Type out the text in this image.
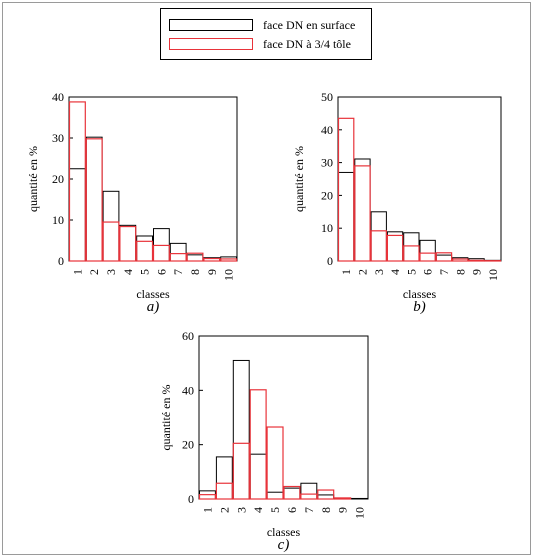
face DN en surface
face DN à 3/4 tôle
0
10
20
30
40
1 2 3 4 5 6 7 8 9 10
classes
quantité en %
a)
0
10
20
30
40
50
1 2 3 4 5 6 7 8 9 10
classes
quantité en %
b)
0
20
40
60
1 2 3 4 5 6 7 8 9 10
classes
quantité en %
c)
